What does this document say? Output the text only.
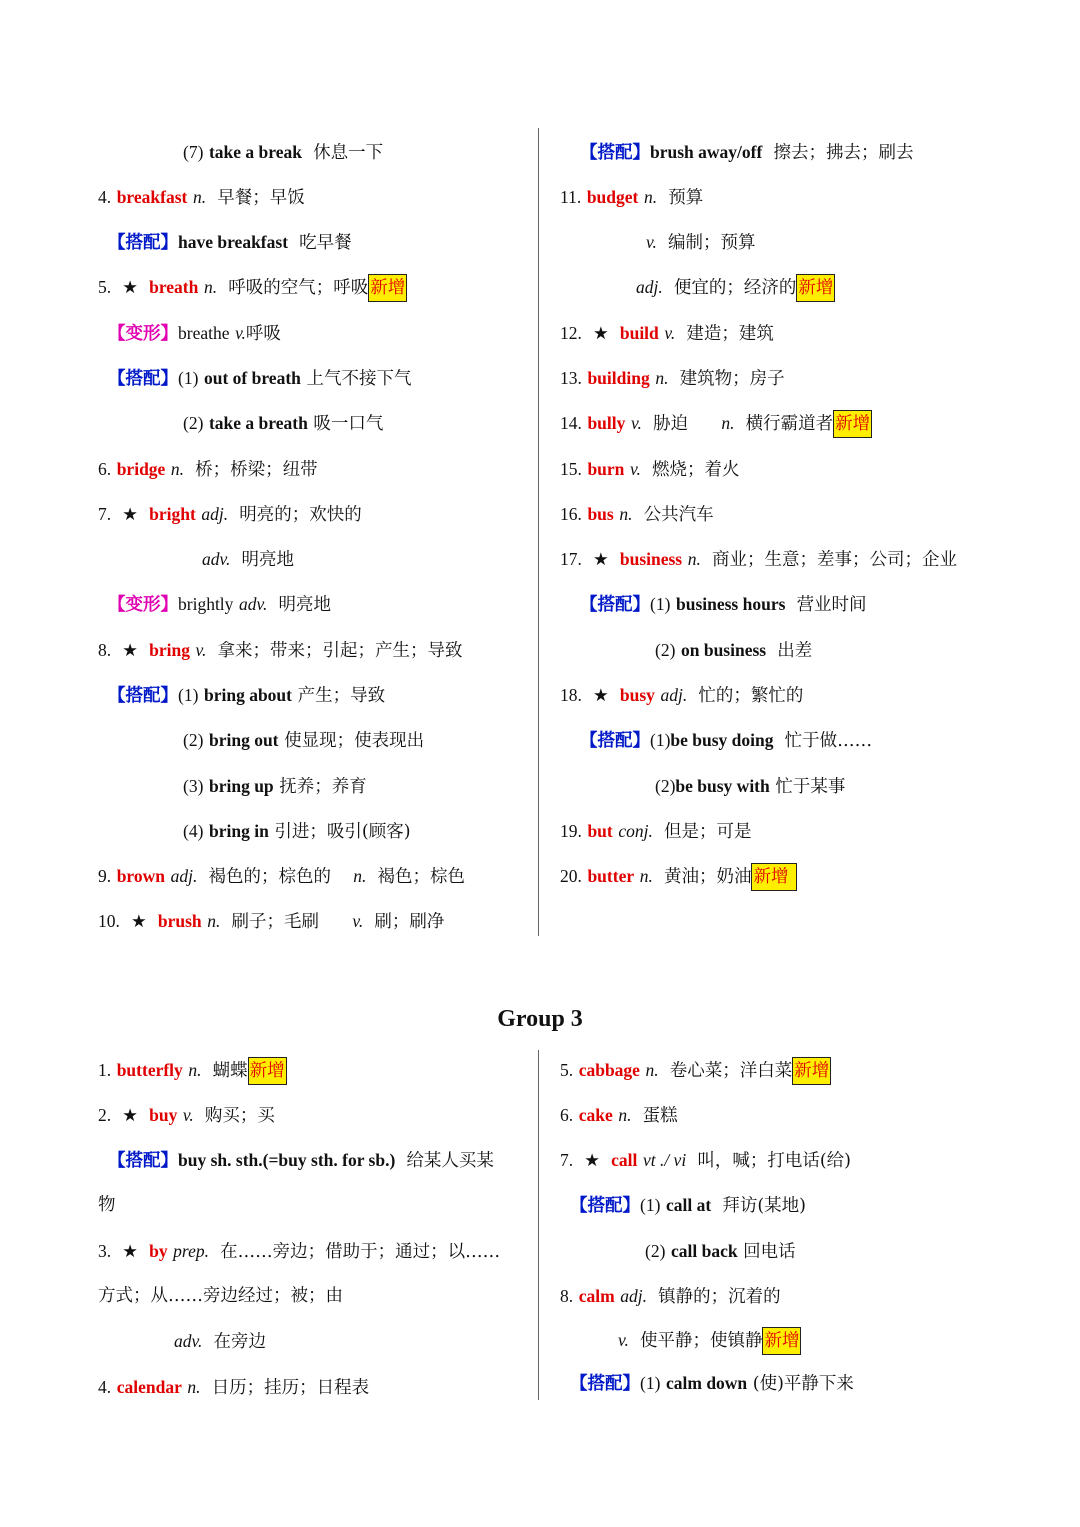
(7) take a break 休息一下
4. breakfast n. 早餐；早饭
【搭配】have breakfast 吃早餐
5. ★ breath n. 呼吸的空气；呼吸 新增
【变形】breathe v.呼吸
【搭配】(1) out of breath 上气不接下气
(2) take a breath 吸一口气
6. bridge n. 桥；桥梁；纽带
7. ★ bright adj. 明亮的；欢快的
adv. 明亮地
【变形】brightly adv. 明亮地
8. ★ bring v. 拿来；带来；引起；产生；导致
【搭配】(1) bring about 产生；导致
(2) bring out 使显现；使表现出
(3) bring up 抚养；养育
(4) bring in 引进；吸引(顾客)
9. brown adj. 褐色的；棕色的 n. 褐色；棕色
10. ★ brush n. 刷子；毛刷 v. 刷；刷净
【搭配】brush away/off 擦去；拂去；刷去
11. budget n. 预算
v. 编制；预算
adj. 便宜的；经济的 新增
12. ★ build v. 建造；建筑
13. building n. 建筑物；房子
14. bully v. 胁迫 n. 横行霸道者 新增
15. burn v. 燃烧；着火
16. bus n. 公共汽车
17. ★ business n. 商业；生意；差事；公司；企业
【搭配】(1) business hours 营业时间
(2) on business 出差
18. ★ busy adj. 忙的；繁忙的
【搭配】(1)be busy doing 忙于做……
(2)be busy with 忙于某事
19. but conj. 但是；可是
20. butter n. 黄油；奶油 新增
Group 3
1. butterfly n. 蝴蝶 新增
2. ★ buy v. 购买；买
【搭配】buy sh. sth.(=buy sth. for sb.) 给某人买某
物
3. ★ by prep. 在……旁边；借助于；通过；以……
方式；从……旁边经过；被；由
adv. 在旁边
4. calendar n. 日历；挂历；日程表
5. cabbage n. 卷心菜；洋白菜 新增
6. cake n. 蛋糕
7. ★ call vt ./ vi 叫，喊；打电话(给)
【搭配】(1) call at 拜访(某地)
(2) call back 回电话
8. calm adj. 镇静的；沉着的
v. 使平静；使镇静 新增
【搭配】(1) calm down (使)平静下来
